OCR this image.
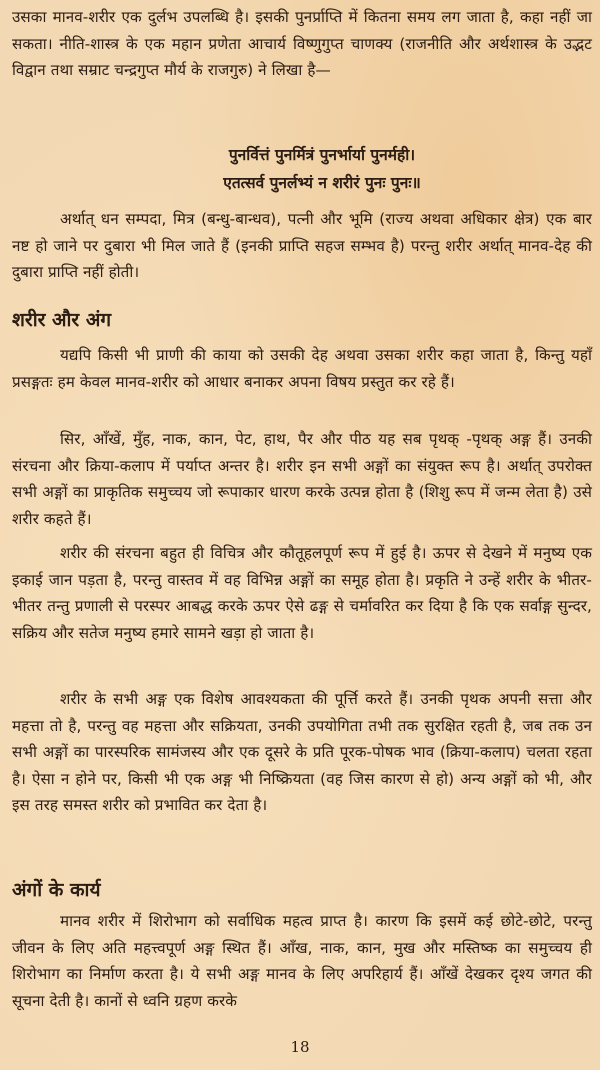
उसका मानव-शरीर एक दुर्लभ उपलब्धि है। इसकी पुनर्प्राप्ति में कितना समय लग जाता है, कहा नहीं जा सकता। नीति-शास्त्र के एक महान प्रणेता आचार्य विष्णुगुप्त चाणक्य (राजनीति और अर्थशास्त्र के उद्भट विद्वान तथा सम्राट चन्द्रगुप्त मौर्य के राजगुरु) ने लिखा है—

पुनर्वित्तं पुनर्मित्रं पुनर्भार्या पुनर्मही।

एतत्सर्व पुनर्लभ्यं न शरीरं पुनः पुनः॥

अर्थात् धन सम्पदा, मित्र (बन्धु-बान्धव), पत्नी और भूमि (राज्य अथवा अधिकार क्षेत्र) एक बार नष्ट हो जाने पर दुबारा भी मिल जाते हैं (इनकी प्राप्ति सहज सम्भव है) परन्तु शरीर अर्थात् मानव-देह की दुबारा प्राप्ति नहीं होती।

शरीर और अंग

यद्यपि किसी भी प्राणी की काया को उसकी देह अथवा उसका शरीर कहा जाता है, किन्तु यहाँ प्रसङ्गतः हम केवल मानव-शरीर को आधार बनाकर अपना विषय प्रस्तुत कर रहे हैं।

सिर, आँखें, मुँह, नाक, कान, पेट, हाथ, पैर और पीठ यह सब पृथक् -पृथक् अङ्ग हैं। उनकी संरचना और क्रिया-कलाप में पर्याप्त अन्तर है। शरीर इन सभी अङ्गों का संयुक्त रूप है। अर्थात् उपरोक्त सभी अङ्गों का प्राकृतिक समुच्चय जो रूपाकार धारण करके उत्पन्न होता है (शिशु रूप में जन्म लेता है) उसे शरीर कहते हैं।

शरीर की संरचना बहुत ही विचित्र और कौतूहलपूर्ण रूप में हुई है। ऊपर से देखने में मनुष्य एक इकाई जान पड़ता है, परन्तु वास्तव में वह विभिन्न अङ्गों का समूह होता है। प्रकृति ने उन्हें शरीर के भीतर-भीतर तन्तु प्रणाली से परस्पर आबद्ध करके ऊपर ऐसे ढङ्ग से चर्मावरित कर दिया है कि एक सर्वाङ्ग सुन्दर, सक्रिय और सतेज मनुष्य हमारे सामने खड़ा हो जाता है।

शरीर के सभी अङ्ग एक विशेष आवश्यकता की पूर्त्ति करते हैं। उनकी पृथक अपनी सत्ता और महत्ता तो है, परन्तु वह महत्ता और सक्रियता, उनकी उपयोगिता तभी तक सुरक्षित रहती है, जब तक उन सभी अङ्गों का पारस्परिक सामंजस्य और एक दूसरे के प्रति पूरक-पोषक भाव (क्रिया-कलाप) चलता रहता है। ऐसा न होने पर, किसी भी एक अङ्ग भी निष्क्रियता (वह जिस कारण से हो) अन्य अङ्गों को भी, और इस तरह समस्त शरीर को प्रभावित कर देता है।

अंगों के कार्य

मानव शरीर में शिरोभाग को सर्वाधिक महत्व प्राप्त है। कारण कि इसमें कई छोटे-छोटे, परन्तु जीवन के लिए अति महत्त्वपूर्ण अङ्ग स्थित हैं। आँख, नाक, कान, मुख और मस्तिष्क का समुच्चय ही शिरोभाग का निर्माण करता है। ये सभी अङ्ग मानव के लिए अपरिहार्य हैं। आँखें देखकर दृश्य जगत की सूचना देती है। कानों से ध्वनि ग्रहण करके

18
